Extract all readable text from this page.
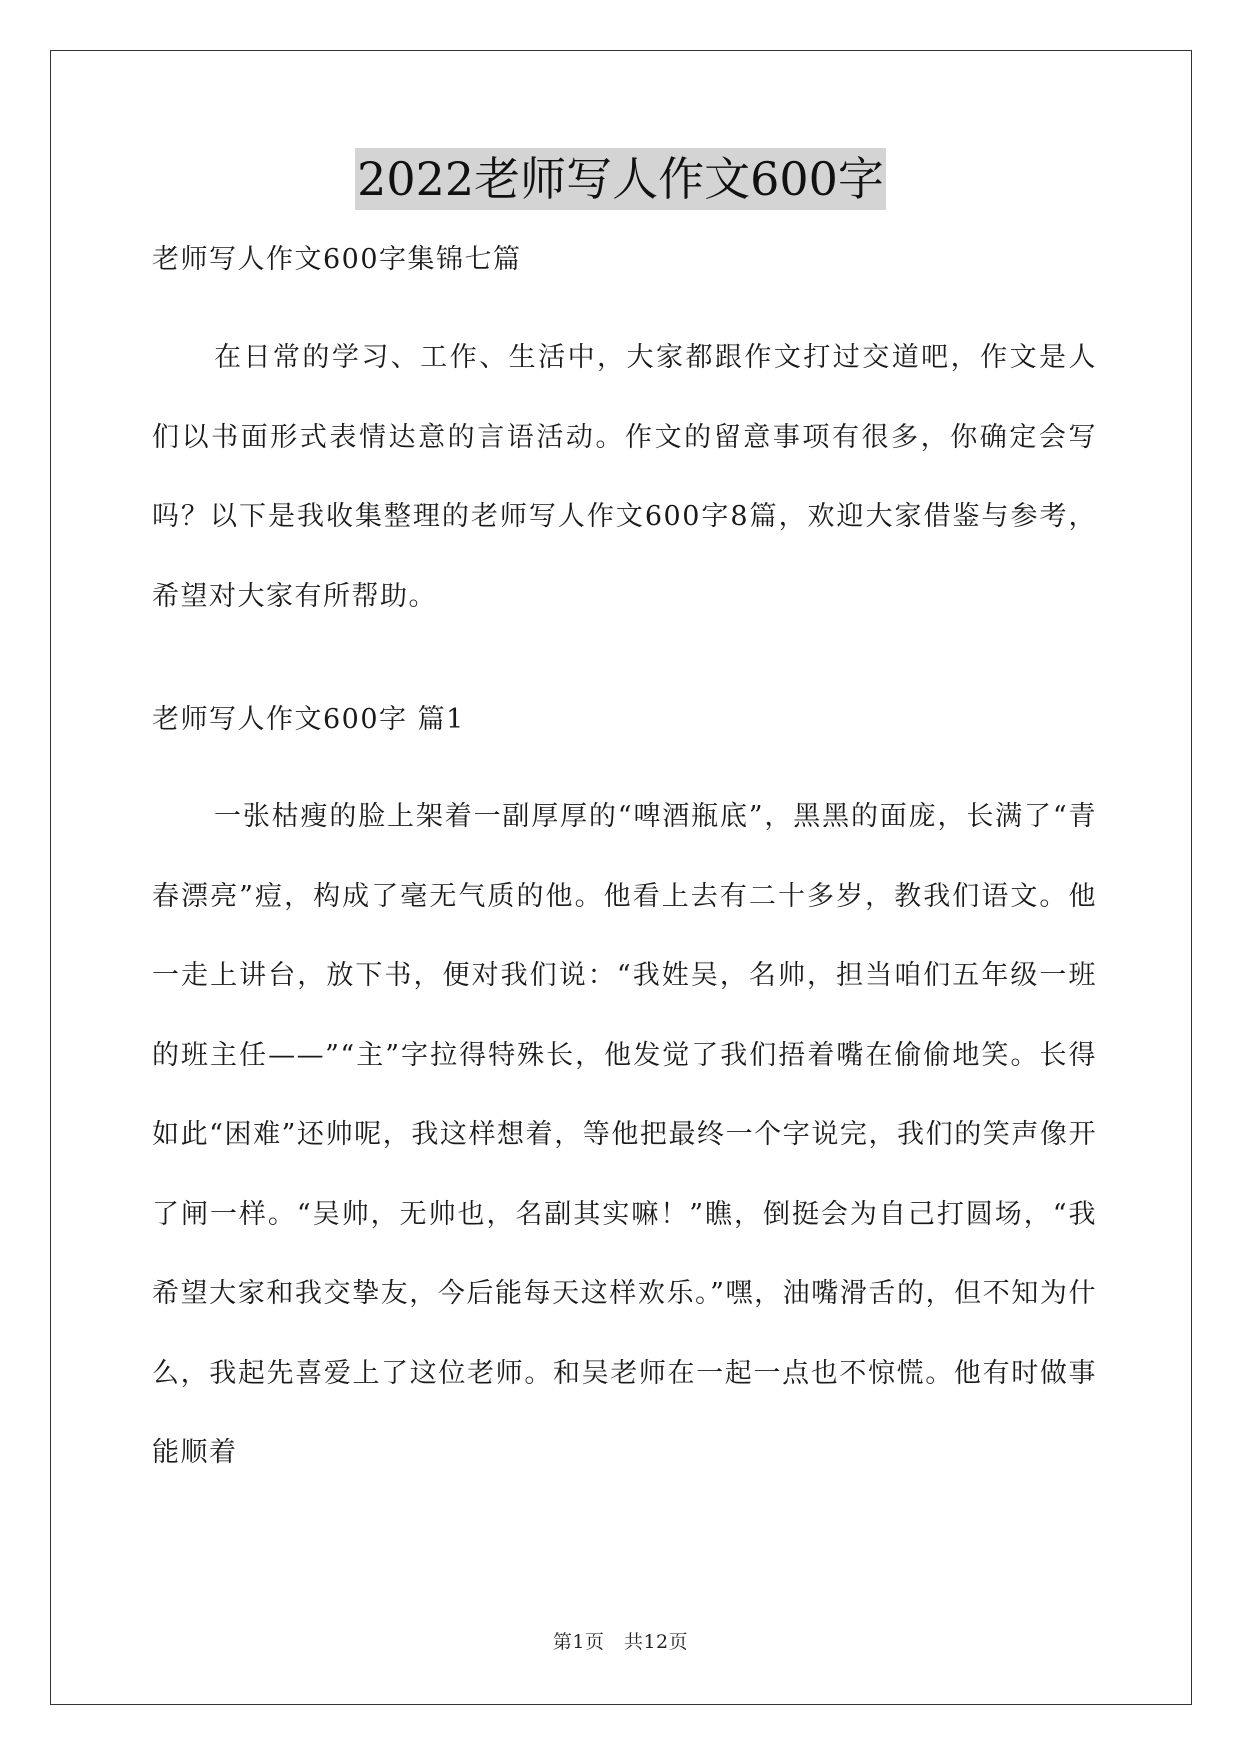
2022老师写人作文600字

老师写人作文600字集锦七篇

在日常的学习、工作、生活中，大家都跟作文打过交道吧，作文是人们以书面形式表情达意的言语活动。作文的留意事项有很多，你确定会写吗？以下是我收集整理的老师写人作文600字8篇，欢迎大家借鉴与参考，希望对大家有所帮助。

老师写人作文600字 篇1

一张枯瘦的脸上架着一副厚厚的“啤酒瓶底”，黑黑的面庞，长满了“青春漂亮”痘，构成了毫无气质的他。他看上去有二十多岁，教我们语文。他一走上讲台，放下书，便对我们说：“我姓吴，名帅，担当咱们五年级一班的班主任——”“主”字拉得特殊长，他发觉了我们捂着嘴在偷偷地笑。长得如此“困难”还帅呢，我这样想着，等他把最终一个字说完，我们的笑声像开了闸一样。“吴帅，无帅也，名副其实嘛！”瞧，倒挺会为自己打圆场，“我希望大家和我交挚友，今后能每天这样欢乐。”嘿，油嘴滑舌的，但不知为什么，我起先喜爱上了这位老师。和吴老师在一起一点也不惊慌。他有时做事能顺着

第1页　共12页
